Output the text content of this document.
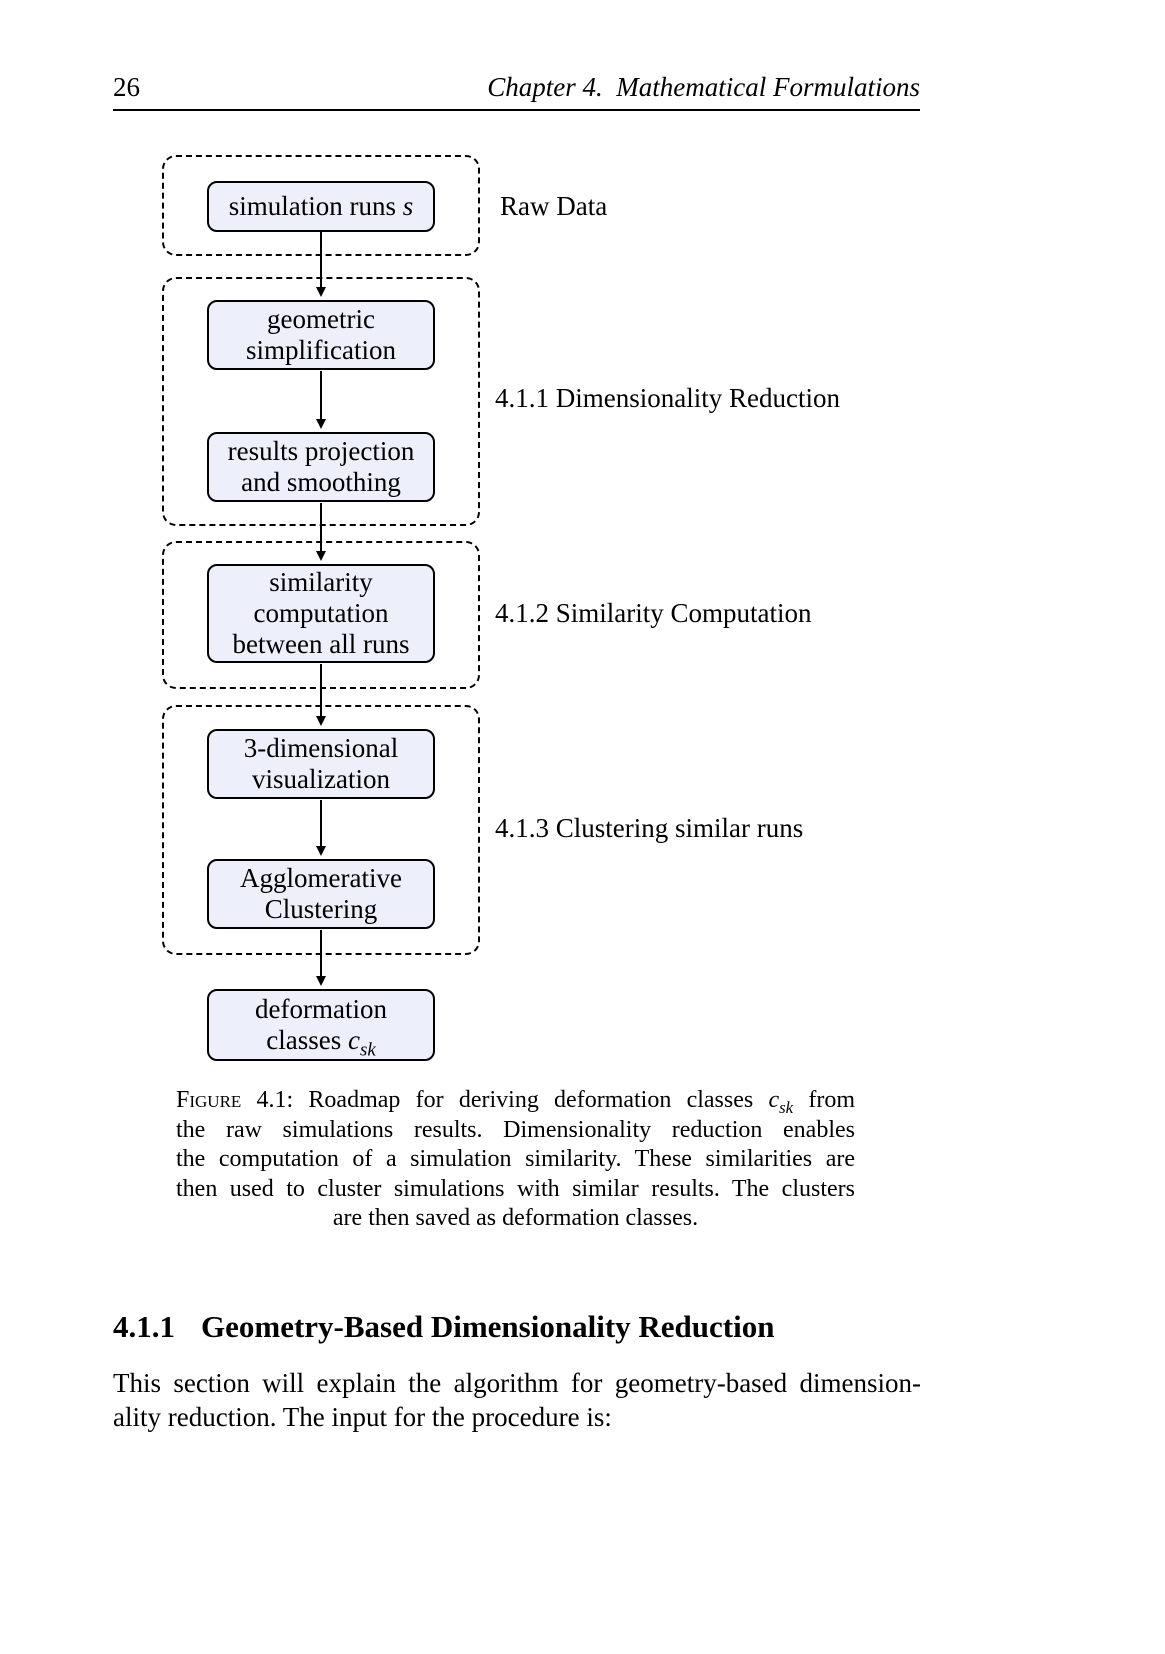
26	Chapter 4.  Mathematical Formulations
simulation runs s
geometric
simplification
results projection
and smoothing
similarity
computation
between all runs
3-dimensional
visualization
Agglomerative
Clustering
deformation
classes $c_{sk}$
Raw Data
4.1.1 Dimensionality Reduction
4.1.2 Similarity Computation
4.1.3 Clustering similar runs
Figure 4.1: Roadmap for deriving deformation classes $c_{sk}$ from
the raw simulations results. Dimensionality reduction enables
the computation of a simulation similarity. These similarities are
then used to cluster simulations with similar results. The clusters
are then saved as deformation classes.
4.1.1 Geometry-Based Dimensionality Reduction
This section will explain the algorithm for geometry-based dimension-
ality reduction. The input for the procedure is:
